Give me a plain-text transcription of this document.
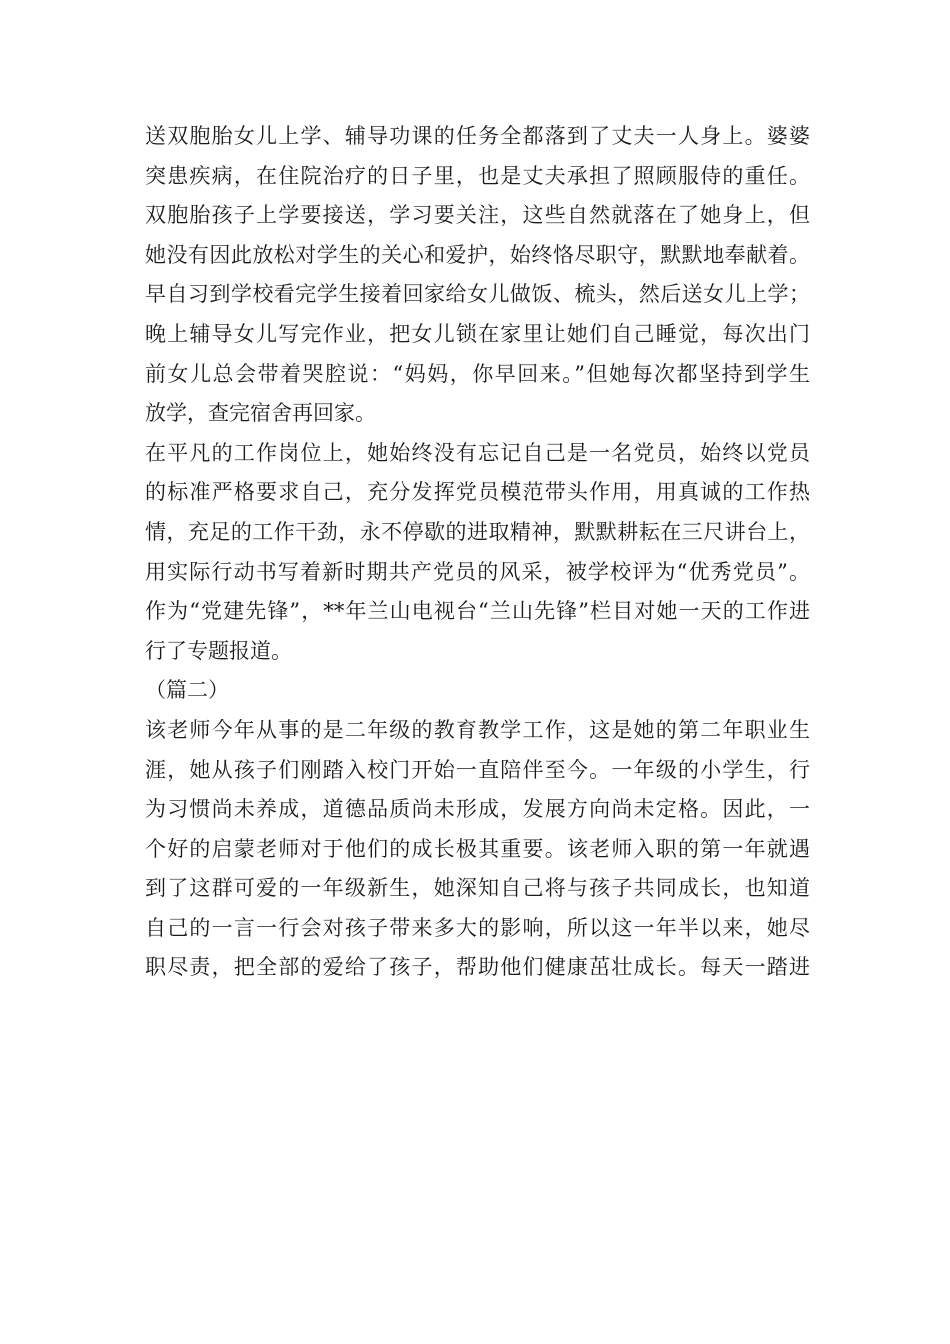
送双胞胎女儿上学、辅导功课的任务全都落到了丈夫一人身上。婆婆
突患疾病，在住院治疗的日子里，也是丈夫承担了照顾服侍的重任。
双胞胎孩子上学要接送，学习要关注，这些自然就落在了她身上，但
她没有因此放松对学生的关心和爱护，始终恪尽职守，默默地奉献着。
早自习到学校看完学生接着回家给女儿做饭、梳头，然后送女儿上学；
晚上辅导女儿写完作业，把女儿锁在家里让她们自己睡觉，每次出门
前女儿总会带着哭腔说：“妈妈，你早回来。”但她每次都坚持到学生
放学，查完宿舍再回家。
在平凡的工作岗位上，她始终没有忘记自己是一名党员，始终以党员
的标准严格要求自己，充分发挥党员模范带头作用，用真诚的工作热
情，充足的工作干劲，永不停歇的进取精神，默默耕耘在三尺讲台上，
用实际行动书写着新时期共产党员的风采，被学校评为“优秀党员”。
作为“党建先锋”，**年兰山电视台“兰山先锋”栏目对她一天的工作进
行了专题报道。
（篇二）
该老师今年从事的是二年级的教育教学工作，这是她的第二年职业生
涯，她从孩子们刚踏入校门开始一直陪伴至今。一年级的小学生，行
为习惯尚未养成，道德品质尚未形成，发展方向尚未定格。因此，一
个好的启蒙老师对于他们的成长极其重要。该老师入职的第一年就遇
到了这群可爱的一年级新生，她深知自己将与孩子共同成长，也知道
自己的一言一行会对孩子带来多大的影响，所以这一年半以来，她尽
职尽责，把全部的爱给了孩子，帮助他们健康茁壮成长。每天一踏进
